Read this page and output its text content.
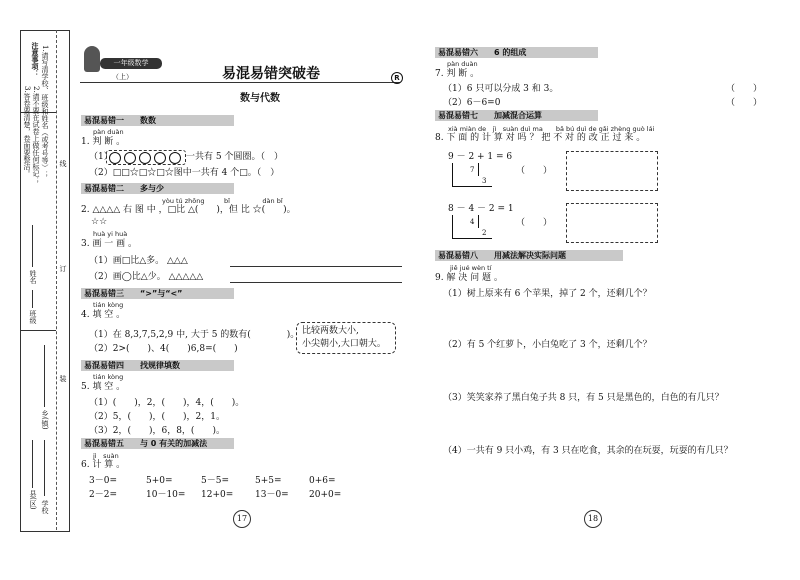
3.答卷要清楚，卷面要整洁。 2.请不要在试卷上做任何标记； 1.请写清学校、班级和姓名（或考号等）；
注意事项：
线
订
装
姓名
班级
县(区)
乡(镇)
学校
一年级数学
（上）	易混易错突破卷	R
数与代数
易混易错一　　数数
pàn duàn
1. 判 断 。
（1）	一共有 5 个圆圈。（　）
（2）□□☆□☆□☆图中一共有 4 个□。（　）
易混易错二　　多与少
yòu tú zhōng　　　bǐ　　　　　dàn bǐ
2. △△△△ 右 图 中 ，□比 △(　　)，但 比 ☆(　　)。
☆☆
huà yi huà
3. 画 一 画 。
（1）画□比△多。 △△△
（2）画◯比△少。 △△△△△
易混易错三　　“>”与“<”
tián kòng
4. 填 空 。
（1）在 8,3,7,5,2,9 中, 大于 5 的数有(　　　　)。
（2）2>(　　)、4(　　)6,8=(　　)
比较两数大小,
小尖朝小,大口朝大。
易混易错四　　找规律填数
tián kòng
5. 填 空 。
（1）(　　)，2，(　　)，4，(　　)。
（2）5，(　　)，(　　)，2，1。
（3）2，(　　)，6，8，(　　)。
易混易错五　　与 0 有关的加减法
jì　suàn
6. 计 算 。
3－0=	5+0=	5－5=	5+5=	0+6=
2－2=	10－10= 12+0= 13－0= 20+0=
17
易混易错六　　6 的组成
pàn duàn
7. 判 断 。
（1）6 只可以分成 3 和 3。	（　　）
（2）6－6=0	（　　）
易混易错七　　加减混合运算
xià miàn de　jì　suàn duì ma　　bǎ bú duì de gǎi zhèng guò lái
8. 下 面 的 计 算 对 吗 ？ 把 不 对 的 改 正 过 来 。
9 － 2 + 1 = 6
7
3
（　　）
8 － 4 － 2 = 1
4
2
（　　）
易混易错八　　用减法解决实际问题
jiě jué wèn tí
9. 解 决 问 题 。
（1）树上原来有 6 个苹果，掉了 2 个，还剩几个？
（2）有 5 个红萝卜，小白兔吃了 3 个，还剩几个？
（3）笑笑家养了黑白兔子共 8 只，有 5 只是黑色的，白色的有几只？
（4）一共有 9 只小鸡，有 3 只在吃食，其余的在玩耍，玩耍的有几只？
18
